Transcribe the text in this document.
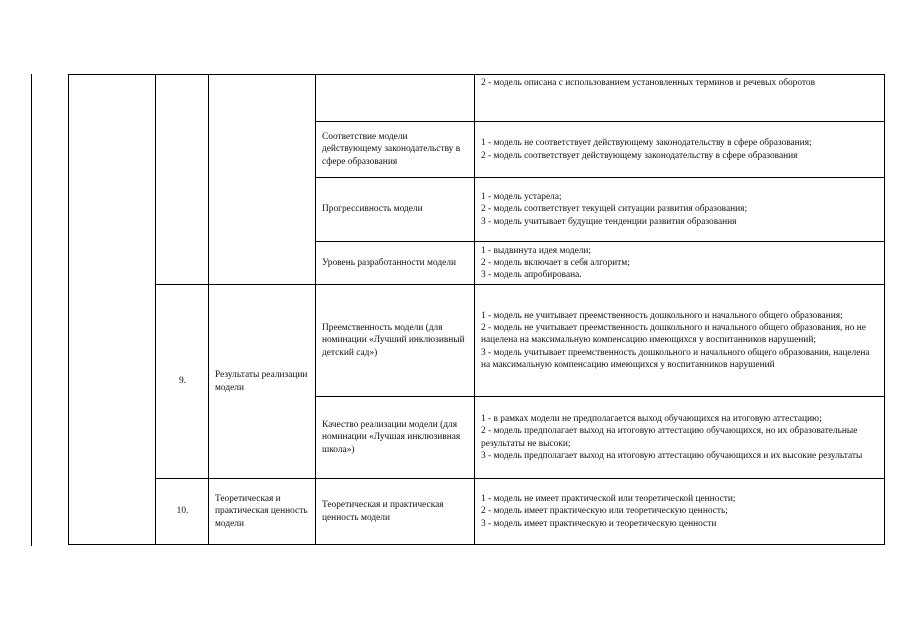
				2 - модель описана с использованием установленных терминов и речевых оборотов

			Соответствие модели действующему законодательству в сфере образования	1 - модель не соответствует действующему законодательству в сфере образования;
2 - модель соответствует действующему законодательству в сфере образования

			Прогрессивность модели	1 - модель устарела;
2 - модель соответствует текущей ситуации развития образования;
3 - модель учитывает будущие тенденции развития образования

			Уровень разработанности модели	1 - выдвинута идея модели;
2 - модель включает в себя алгоритм;
3 - модель апробирована.

	9.	Результаты реализации модели	Преемственность модели (для номинации «Лучший инклюзивный детский сад»)	1 - модель не учитывает преемственность дошкольного и начального общего образования;
2 - модель не учитывает преемственность дошкольного и начального общего образования, но не нацелена на максимальную компенсацию имеющихся у воспитанников нарушений;
3 - модель учитывает преемственность дошкольного и начального общего образования, нацелена на максимальную компенсацию имеющихся у воспитанников нарушений

			Качество реализации модели (для номинации «Лучшая инклюзивная школа»)	1 - в рамках модели не предполагается выход обучающихся на итоговую аттестацию;
2 - модель предполагает выход на итоговую аттестацию обучающихся, но их образовательные результаты не высоки;
3 - модель предполагает выход на итоговую аттестацию обучающихся и их высокие результаты

	10.	Теоретическая и практическая ценность модели	Теоретическая и практическая ценность модели	1 - модель не имеет практической или теоретической ценности;
2 - модель имеет практическую или теоретическую ценность;
3 - модель имеет практическую и теоретическую ценности
